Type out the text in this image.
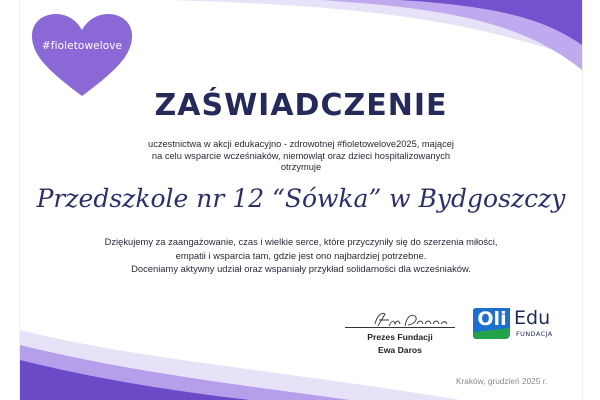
#fioletowelove
ZAŚWIADCZENIE
uczestnictwa w akcji edukacyjno - zdrowotnej #fioletowelove2025, mającej
na celu wsparcie wcześniaków, niemowląt oraz dzieci hospitalizowanych
otrzymuje
Przedszkole nr 12 “Sówka” w Bydgoszczy
Dziękujemy za zaangażowanie, czas i wielkie serce, które przyczyniły się do szerzenia miłości,
empatii i wsparcia tam, gdzie jest ono najbardziej potrzebne.
Doceniamy aktywny udział oraz wspaniały przykład solidarności dla wcześniaków.
Prezes Fundacji
Ewa Daros
Oli Edu
FUNDACJA
Kraków, grudzień 2025 r.
